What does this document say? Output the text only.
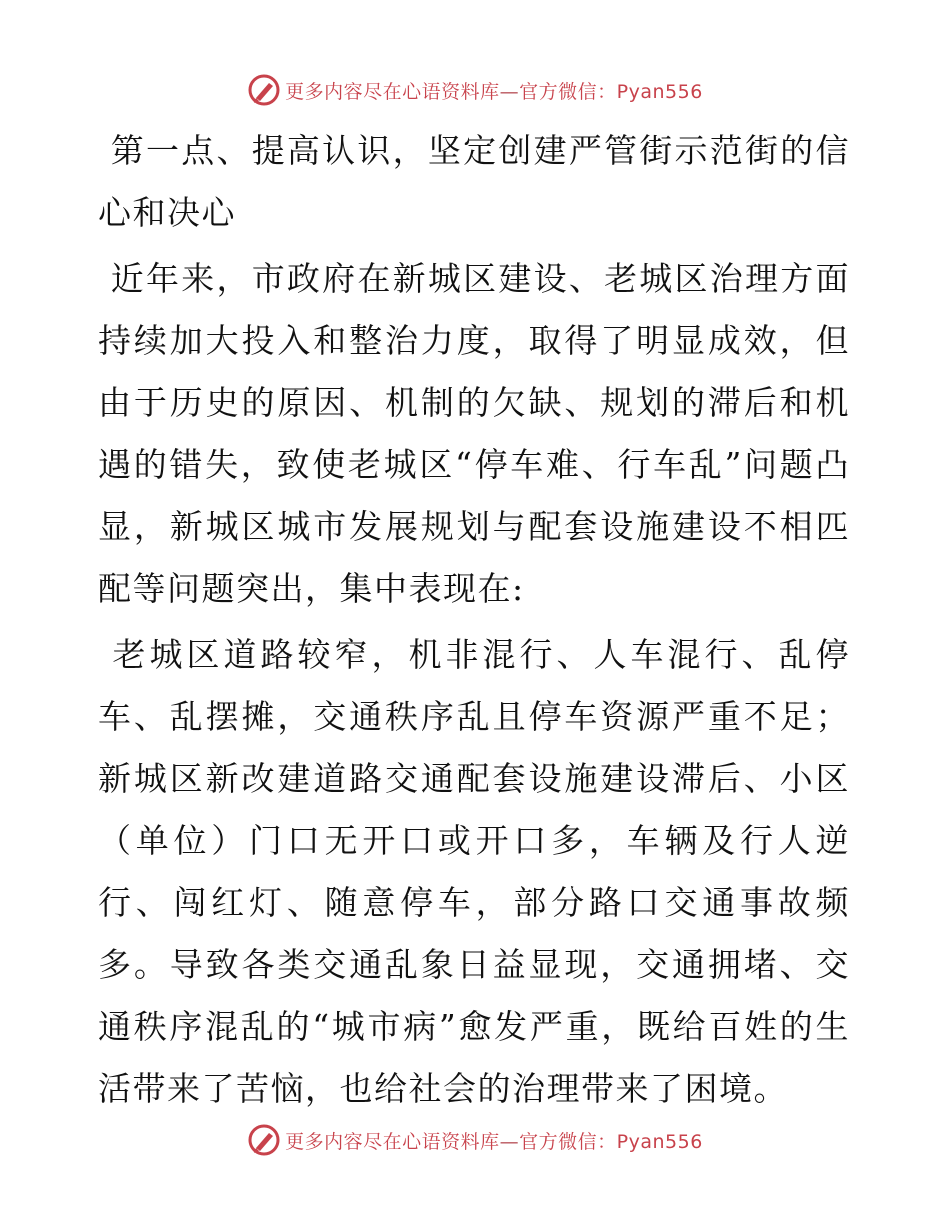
更多内容尽在心语资料库—官方微信：Pyan556

第一点、提高认识，坚定创建严管街示范街的信心和决心

近年来，市政府在新城区建设、老城区治理方面持续加大投入和整治力度，取得了明显成效，但由于历史的原因、机制的欠缺、规划的滞后和机遇的错失，致使老城区“停车难、行车乱”问题凸显，新城区城市发展规划与配套设施建设不相匹配等问题突出，集中表现在:

老城区道路较窄，机非混行、人车混行、乱停车、乱摆摊，交通秩序乱且停车资源严重不足；新城区新改建道路交通配套设施建设滞后、小区（单位）门口无开口或开口多，车辆及行人逆行、闯红灯、随意停车，部分路口交通事故频多。导致各类交通乱象日益显现，交通拥堵、交通秩序混乱的“城市病”愈发严重，既给百姓的生活带来了苦恼，也给社会的治理带来了困境。

更多内容尽在心语资料库—官方微信：Pyan556
